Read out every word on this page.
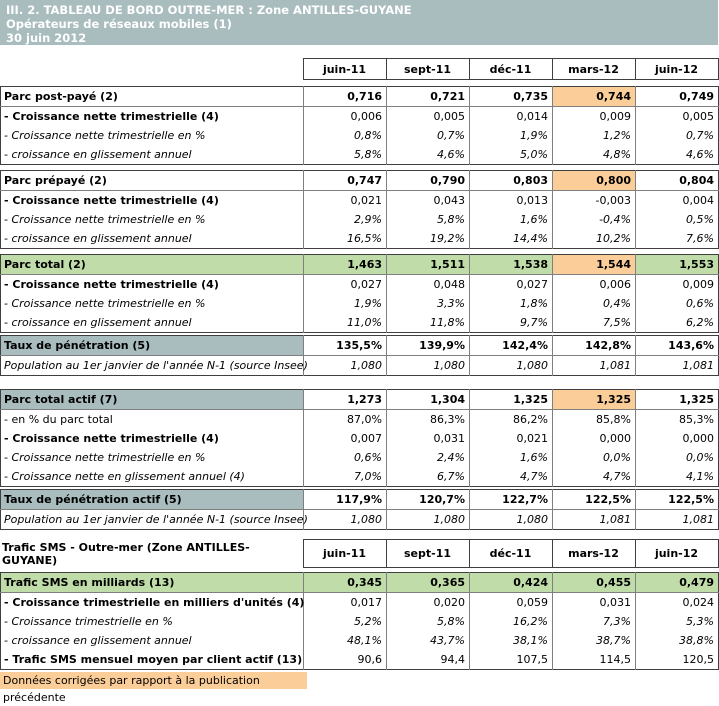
III. 2. TABLEAU DE BORD OUTRE-MER : Zone ANTILLES-GUYANE
Opérateurs de réseaux mobiles (1)
30 juin 2012
	juin-11	sept-11	déc-11	mars-12	juin-12
Parc post-payé (2)	0,716	0,721	0,735	0,744	0,749
- Croissance nette trimestrielle (4)	0,006	0,005	0,014	0,009	0,005
- Croissance nette trimestrielle en %	0,8%	0,7%	1,9%	1,2%	0,7%
- croissance en glissement annuel	5,8%	4,6%	5,0%	4,8%	4,6%
Parc prépayé (2)	0,747	0,790	0,803	0,800	0,804
- Croissance nette trimestrielle (4)	0,021	0,043	0,013	-0,003	0,004
- Croissance nette trimestrielle en %	2,9%	5,8%	1,6%	-0,4%	0,5%
- croissance en glissement annuel	16,5%	19,2%	14,4%	10,2%	7,6%
Parc total (2)	1,463	1,511	1,538	1,544	1,553
- Croissance nette trimestrielle (4)	0,027	0,048	0,027	0,006	0,009
- Croissance nette trimestrielle en %	1,9%	3,3%	1,8%	0,4%	0,6%
- croissance en glissement annuel	11,0%	11,8%	9,7%	7,5%	6,2%
Taux de pénétration (5)	135,5%	139,9%	142,4%	142,8%	143,6%
Population au 1er janvier de l'année N-1 (source Insee)	1,080	1,080	1,080	1,081	1,081
Parc total actif (7)	1,273	1,304	1,325	1,325	1,325
- en % du parc total	87,0%	86,3%	86,2%	85,8%	85,3%
- Croissance nette trimestrielle (4)	0,007	0,031	0,021	0,000	0,000
- Croissance nette trimestrielle en %	0,6%	2,4%	1,6%	0,0%	0,0%
- Croissance nette en glissement annuel (4)	7,0%	6,7%	4,7%	4,7%	4,1%
Taux de pénétration actif (5)	117,9%	120,7%	122,7%	122,5%	122,5%
Population au 1er janvier de l'année N-1 (source Insee)	1,080	1,080	1,080	1,081	1,081
Trafic SMS - Outre-mer (Zone ANTILLES-GUYANE)	juin-11	sept-11	déc-11	mars-12	juin-12
Trafic SMS en milliards (13)	0,345	0,365	0,424	0,455	0,479
- Croissance trimestrielle en milliers d'unités (4)	0,017	0,020	0,059	0,031	0,024
- Croissance trimestrielle en %	5,2%	5,8%	16,2%	7,3%	5,3%
- croissance en glissement annuel	48,1%	43,7%	38,1%	38,7%	38,8%
- Trafic SMS mensuel moyen par client actif (13)	90,6	94,4	107,5	114,5	120,5
Données corrigées par rapport à la publication précédente
